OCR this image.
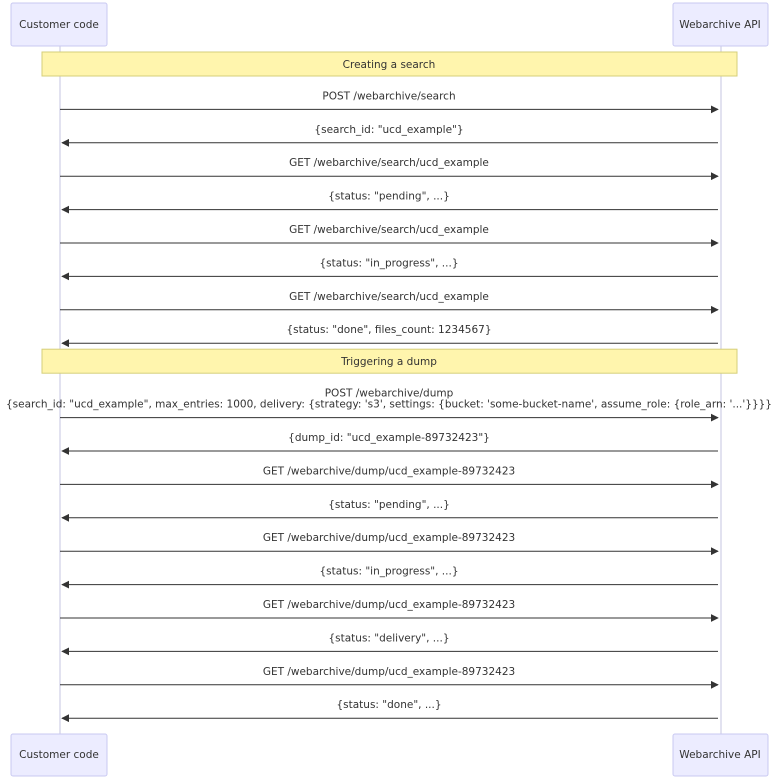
Customer code	Webarchive API
Customer code	Webarchive API
Creating a search
POST /webarchive/search
{search_id: "ucd_example"}
GET /webarchive/search/ucd_example
{status: "pending", ...}
GET /webarchive/search/ucd_example
{status: "in_progress", ...}
GET /webarchive/search/ucd_example
{status: "done", files_count: 1234567}
Triggering a dump
POST /webarchive/dump
{search_id: "ucd_example", max_entries: 1000, delivery: {strategy: 's3', settings: {bucket: 'some-bucket-name', assume_role: {role_arn: '...'}}}}
{dump_id: "ucd_example-89732423"}
GET /webarchive/dump/ucd_example-89732423
{status: "pending", ...}
GET /webarchive/dump/ucd_example-89732423
{status: "in_progress", ...}
GET /webarchive/dump/ucd_example-89732423
{status: "delivery", ...}
GET /webarchive/dump/ucd_example-89732423
{status: "done", ...}
